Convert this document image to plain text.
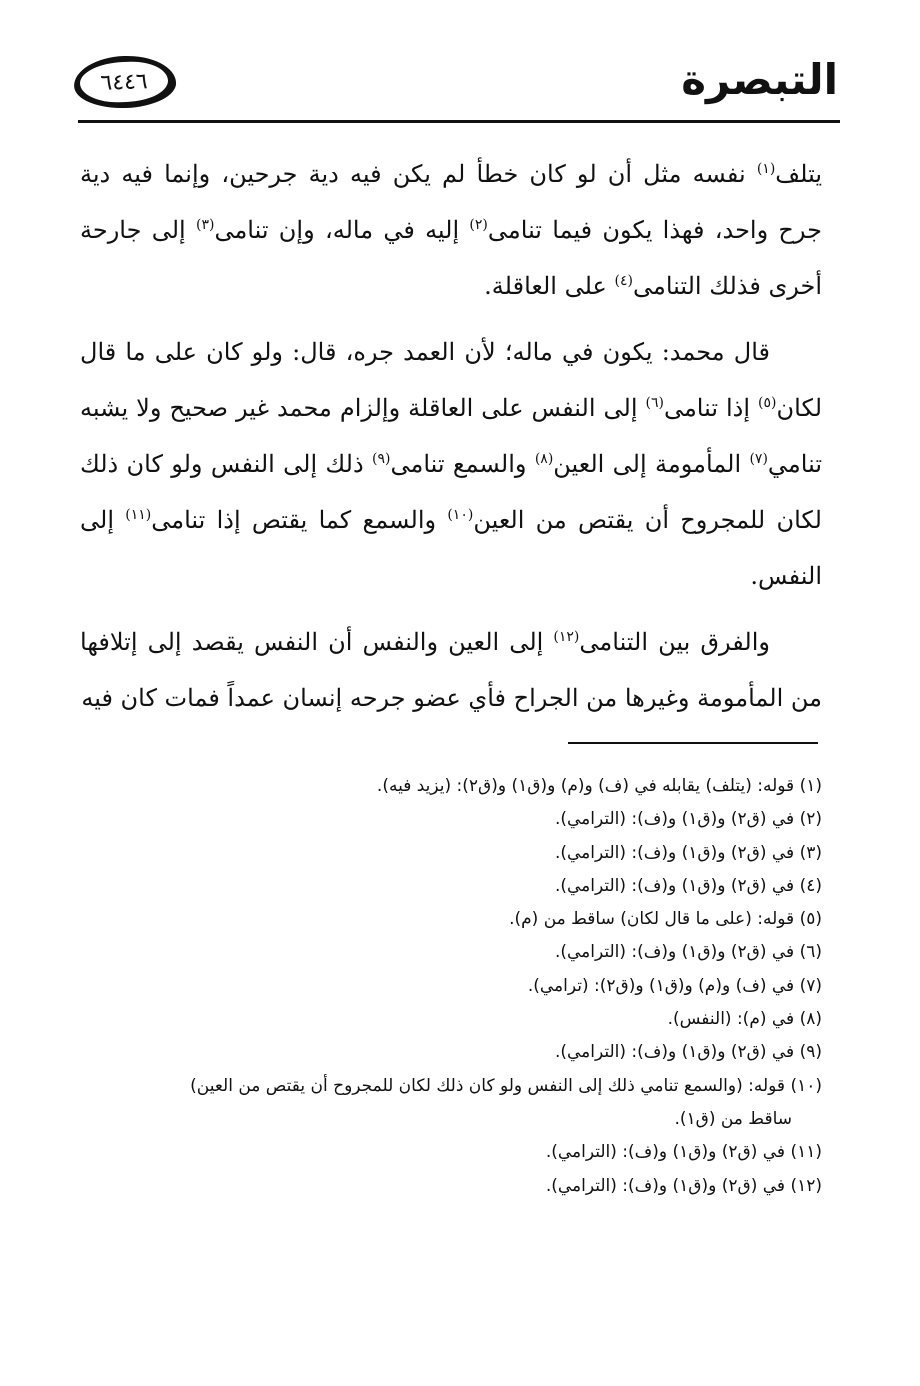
التبصرة
٦٤٤٦

يتلف$^{(١)}$ نفسه مثل أن لو كان خطأ لم يكن فيه دية جرحين، وإنما فيه دية جرح واحد، فهذا يكون فيما تنامى$^{(٢)}$ إليه في ماله، وإن تنامى$^{(٣)}$ إلى جارحة أخرى فذلك التنامى$^{(٤)}$ على العاقلة.

قال محمد: يكون في ماله؛ لأن العمد جره، قال: ولو كان على ما قال لكان$^{(٥)}$ إذا تنامى$^{(٦)}$ إلى النفس على العاقلة وإلزام محمد غير صحيح ولا يشبه تنامي$^{(٧)}$ المأمومة إلى العين$^{(٨)}$ والسمع تنامى$^{(٩)}$ ذلك إلى النفس ولو كان ذلك لكان للمجروح أن يقتص من العين$^{(١٠)}$ والسمع كما يقتص إذا تنامى$^{(١١)}$ إلى النفس.

والفرق بين التنامى$^{(١٢)}$ إلى العين والنفس أن النفس يقصد إلى إتلافها من المأمومة وغيرها من الجراح فأي عضو جرحه إنسان عمداً فمات كان فيه

(١) قوله: (يتلف) يقابله في (ف) و(م) و(ق١) و(ق٢): (يزيد فيه).

(٢) في (ق٢) و(ق١) و(ف): (الترامي).

(٣) في (ق٢) و(ق١) و(ف): (الترامي).

(٤) في (ق٢) و(ق١) و(ف): (الترامي).

(٥) قوله: (على ما قال لكان) ساقط من (م).

(٦) في (ق٢) و(ق١) و(ف): (الترامي).

(٧) في (ف) و(م) و(ق١) و(ق٢): (ترامي).

(٨) في (م): (النفس).

(٩) في (ق٢) و(ق١) و(ف): (الترامي).

(١٠) قوله: (والسمع تنامي ذلك إلى النفس ولو كان ذلك لكان للمجروح أن يقتص من العين)
ساقط من (ق١).

(١١) في (ق٢) و(ق١) و(ف): (الترامي).

(١٢) في (ق٢) و(ق١) و(ف): (الترامي).
